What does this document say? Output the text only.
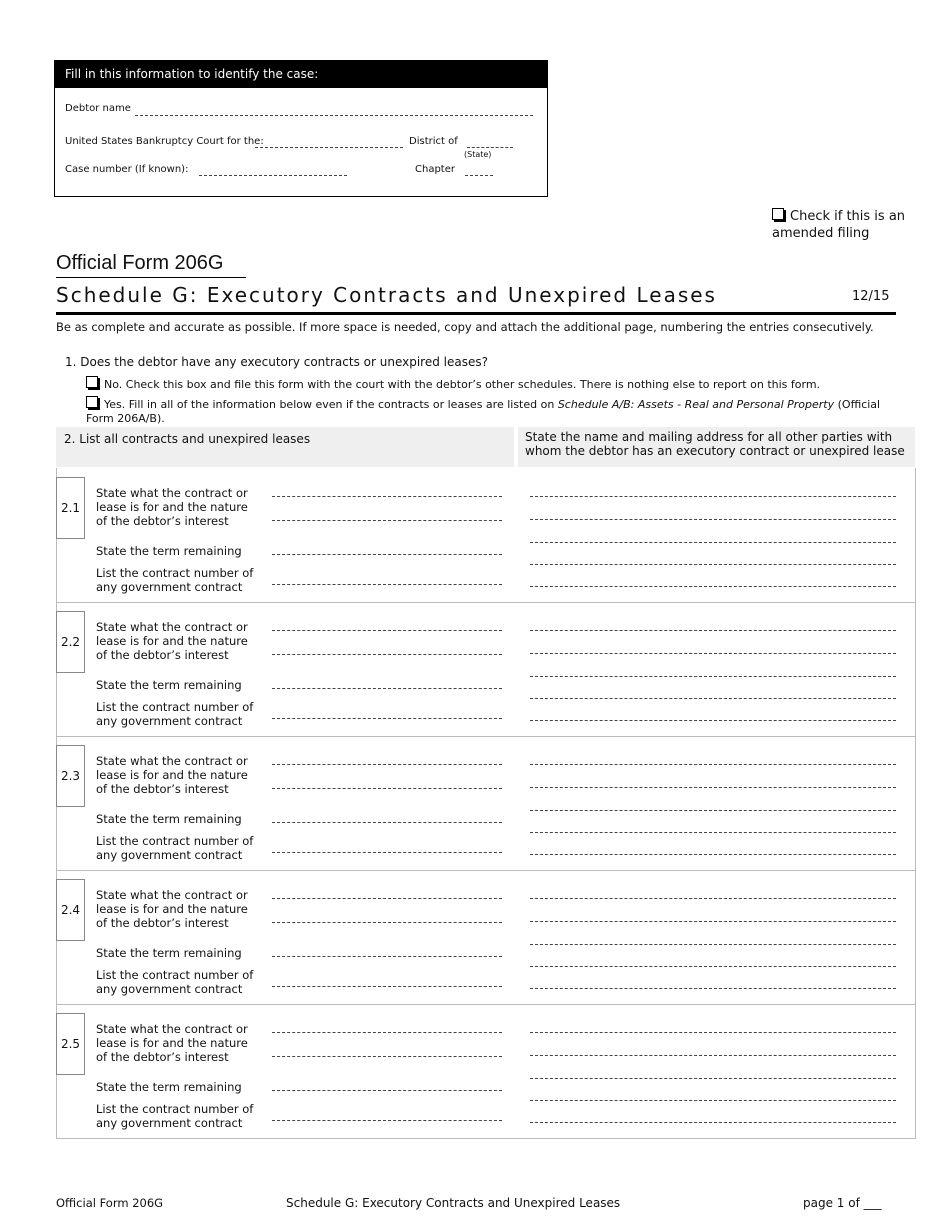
Fill in this information to identify the case:
Debtor name
United States Bankruptcy Court for the:	District of
(State)
Case number (If known):	Chapter
Check if this is an amended filing
Official Form 206G
Schedule G: Executory Contracts and Unexpired Leases	12/15
Be as complete and accurate as possible. If more space is needed, copy and attach the additional page, numbering the entries consecutively.
1. Does the debtor have any executory contracts or unexpired leases?
No. Check this box and file this form with the court with the debtor’s other schedules. There is nothing else to report on this form.
Yes. Fill in all of the information below even if the contracts or leases are listed on Schedule A/B: Assets - Real and Personal Property (Official Form 206A/B).
2. List all contracts and unexpired leases	State the name and mailing address for all other parties with whom the debtor has an executory contract or unexpired lease
2.1
State what the contract or lease is for and the nature of the debtor’s interest
State the term remaining
List the contract number of any government contract
2.2
State what the contract or lease is for and the nature of the debtor’s interest
State the term remaining
List the contract number of any government contract
2.3
State what the contract or lease is for and the nature of the debtor’s interest
State the term remaining
List the contract number of any government contract
2.4
State what the contract or lease is for and the nature of the debtor’s interest
State the term remaining
List the contract number of any government contract
2.5
State what the contract or lease is for and the nature of the debtor’s interest
State the term remaining
List the contract number of any government contract
Official Form 206G	Schedule G: Executory Contracts and Unexpired Leases	page 1 of ___
